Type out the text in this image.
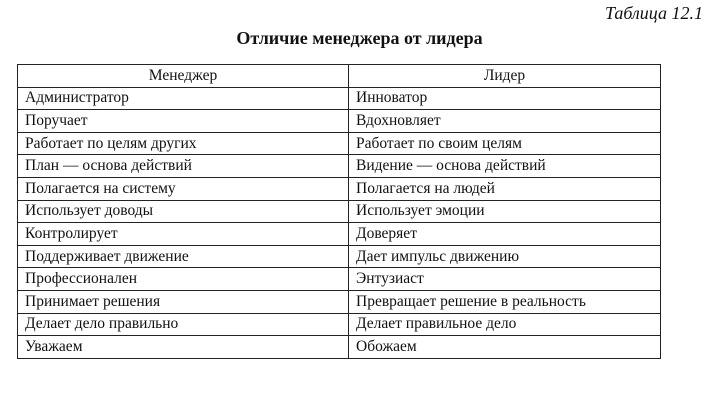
Таблица 12.1
Отличие менеджера от лидера
Менеджер	Лидер
Администратор	Инноватор
Поручает	Вдохновляет
Работает по целям других	Работает по своим целям
План — основа действий	Видение — основа действий
Полагается на систему	Полагается на людей
Использует доводы	Использует эмоции
Контролирует	Доверяет
Поддерживает движение	Дает импульс движению
Профессионален	Энтузиаст
Принимает решения	Превращает решение в реальность
Делает дело правильно	Делает правильное дело
Уважаем	Обожаем
